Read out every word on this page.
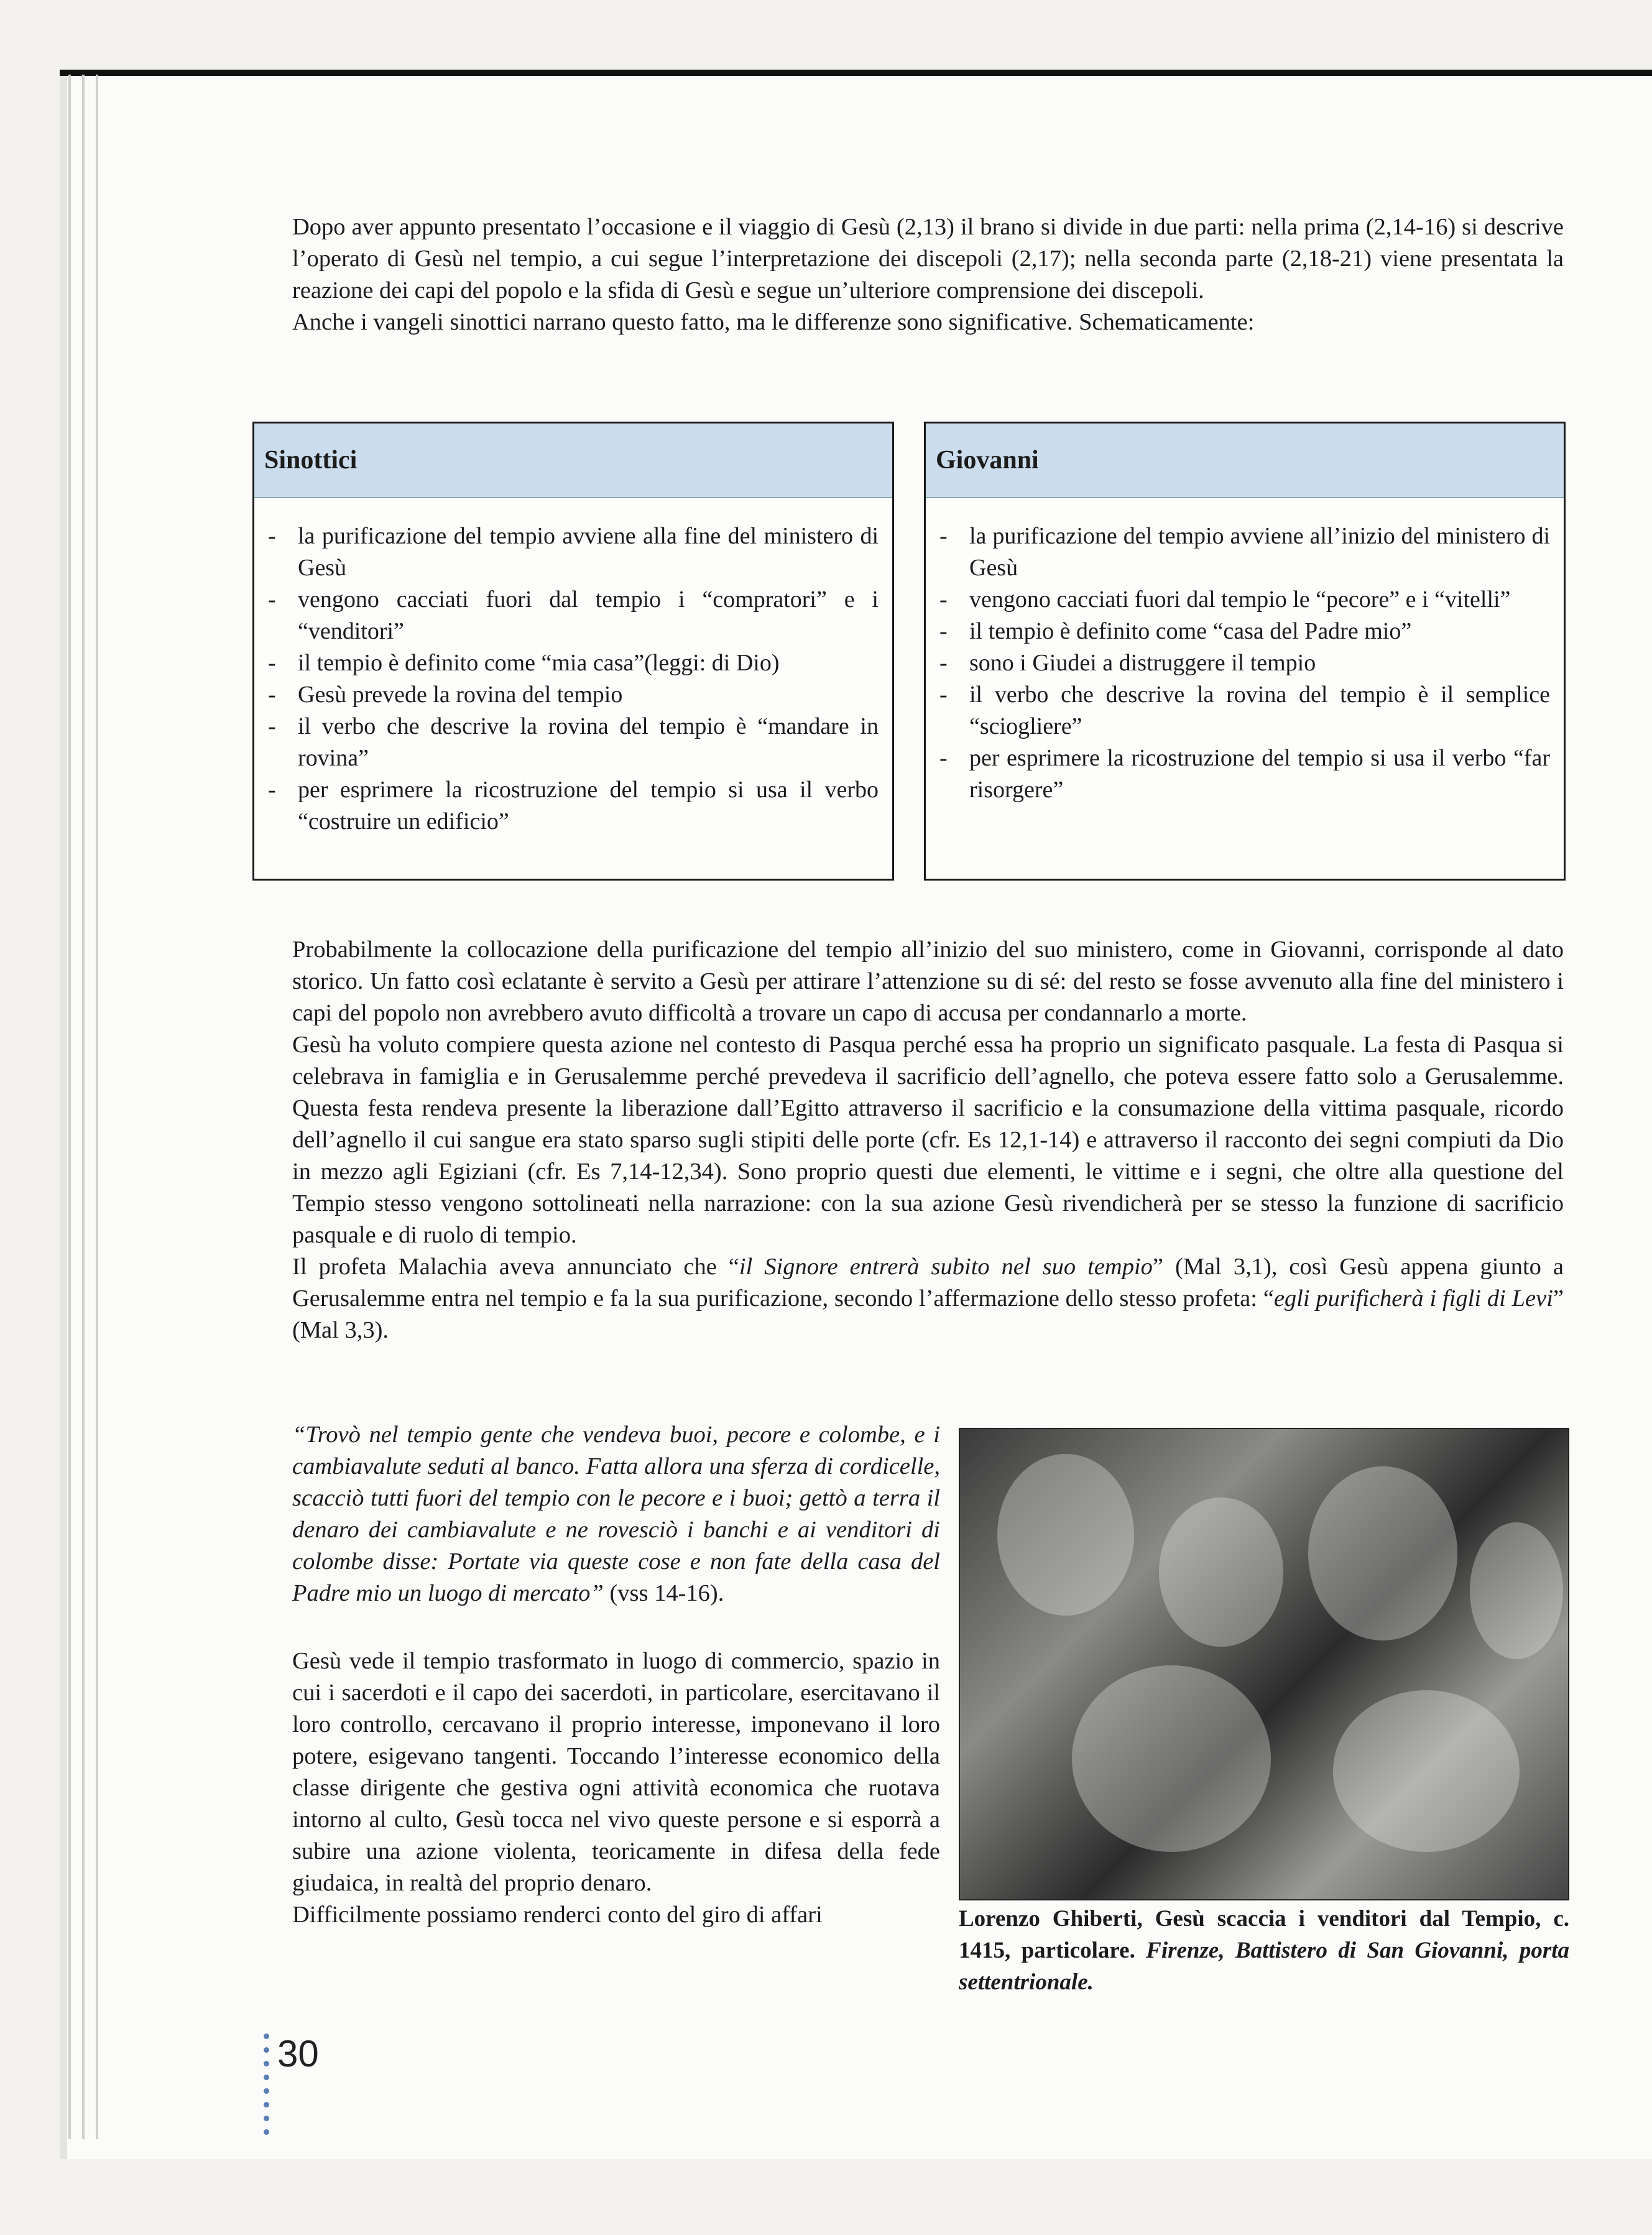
Dopo aver appunto presentato l’occasione e il viaggio di Gesù (2,13) il brano si divide in due parti: nella prima (2,14-16) si descrive l’operato di Gesù nel tempio, a cui segue l’interpretazione dei discepoli (2,17); nella seconda parte (2,18-21) viene presentata la reazione dei capi del popolo e la sfida di Gesù e segue un’ulteriore comprensione dei discepoli.

Anche i vangeli sinottici narrano questo fatto, ma le differenze sono significative. Schematicamente:

Sinottici
- la purificazione del tempio avviene alla fine del ministero di Gesù
- vengono cacciati fuori dal tempio i “compratori” e i “venditori”
- il tempio è definito come “mia casa”(leggi: di Dio)
- Gesù prevede la rovina del tempio
- il verbo che descrive la rovina del tempio è “mandare in rovina”
- per esprimere la ricostruzione del tempio si usa il verbo “costruire un edificio”
Giovanni
- la purificazione del tempio avviene all’inizio del ministero di Gesù
- vengono cacciati fuori dal tempio le “pecore” e i “vitelli”
- il tempio è definito come “casa del Padre mio”
- sono i Giudei a distruggere il tempio
- il verbo che descrive la rovina del tempio è il semplice “sciogliere”
- per esprimere la ricostruzione del tempio si usa il verbo “far risorgere”

Probabilmente la collocazione della purificazione del tempio all’inizio del suo ministero, come in Giovanni, corrisponde al dato storico. Un fatto così eclatante è servito a Gesù per attirare l’attenzione su di sé: del resto se fosse avvenuto alla fine del ministero i capi del popolo non avrebbero avuto difficoltà a trovare un capo di accusa per condannarlo a morte.

Gesù ha voluto compiere questa azione nel contesto di Pasqua perché essa ha proprio un significato pasquale. La festa di Pasqua si celebrava in famiglia e in Gerusalemme perché prevedeva il sacrificio dell’agnello, che poteva essere fatto solo a Gerusalemme. Questa festa rendeva presente la liberazione dall’Egitto attraverso il sacrificio e la consumazione della vittima pasquale, ricordo dell’agnello il cui sangue era stato sparso sugli stipiti delle porte (cfr. Es 12,1-14) e attraverso il racconto dei segni compiuti da Dio in mezzo agli Egiziani (cfr. Es 7,14-12,34). Sono proprio questi due elementi, le vittime e i segni, che oltre alla questione del Tempio stesso vengono sottolineati nella narrazione: con la sua azione Gesù rivendicherà per se stesso la funzione di sacrificio pasquale e di ruolo di tempio.

Il profeta Malachia aveva annunciato che “il Signore entrerà subito nel suo tempio” (Mal 3,1), così Gesù appena giunto a Gerusalemme entra nel tempio e fa la sua purificazione, secondo l’affermazione dello stesso profeta: “egli purificherà i figli di Levi” (Mal 3,3).

“Trovò nel tempio gente che vendeva buoi, pecore e colombe, e i cambiavalute seduti al banco. Fatta allora una sferza di cordicelle, scacciò tutti fuori del tempio con le pecore e i buoi; gettò a terra il denaro dei cambiavalute e ne rovesciò i banchi e ai venditori di colombe disse: Portate via queste cose e non fate della casa del Padre mio un luogo di mercato” (vss 14-16).

Gesù vede il tempio trasformato in luogo di commercio, spazio in cui i sacerdoti e il capo dei sacerdoti, in particolare, esercitavano il loro controllo, cercavano il proprio interesse, imponevano il loro potere, esigevano tangenti. Toccando l’interesse economico della classe dirigente che gestiva ogni attività economica che ruotava intorno al culto, Gesù tocca nel vivo queste persone e si esporrà a subire una azione violenta, teoricamente in difesa della fede giudaica, in realtà del proprio denaro.

Difficilmente possiamo renderci conto del giro di affari	Lorenzo Ghiberti, Gesù scaccia i venditori dal Tempio, c. 1415, particolare. Firenze, Battistero di San Giovanni, porta settentrionale.
30
